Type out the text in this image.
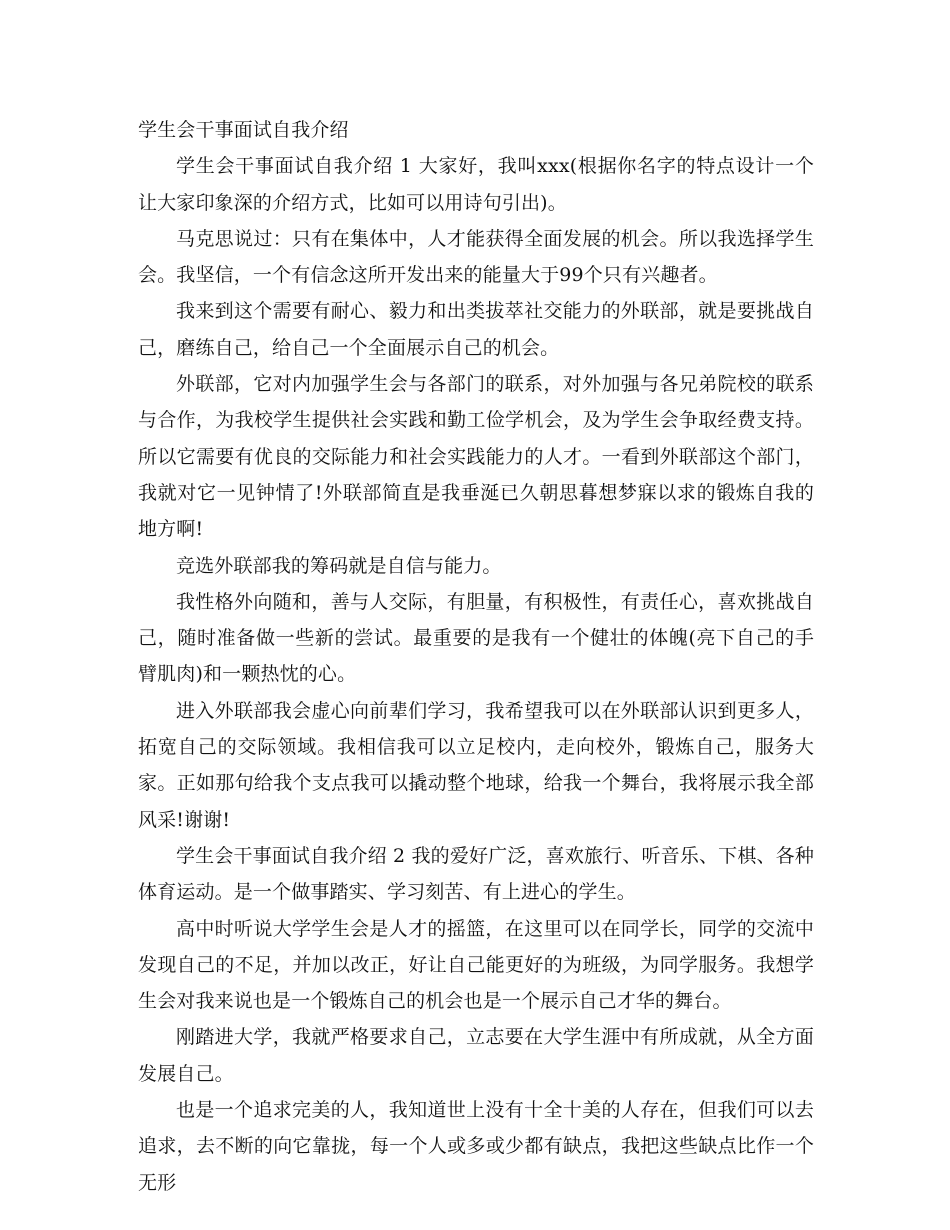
学生会干事面试自我介绍

学生会干事面试自我介绍 1 大家好，我叫xxx(根据你名字的特点设计一个让大家印象深的介绍方式，比如可以用诗句引出)。

马克思说过：只有在集体中，人才能获得全面发展的机会。所以我选择学生会。我坚信，一个有信念这所开发出来的能量大于99个只有兴趣者。

我来到这个需要有耐心、毅力和出类拔萃社交能力的外联部，就是要挑战自己，磨练自己，给自己一个全面展示自己的机会。

外联部，它对内加强学生会与各部门的联系，对外加强与各兄弟院校的联系与合作，为我校学生提供社会实践和勤工俭学机会，及为学生会争取经费支持。所以它需要有优良的交际能力和社会实践能力的人才。一看到外联部这个部门，我就对它一见钟情了!外联部简直是我垂涎已久朝思暮想梦寐以求的锻炼自我的地方啊!

竞选外联部我的筹码就是自信与能力。

我性格外向随和，善与人交际，有胆量，有积极性，有责任心，喜欢挑战自己，随时准备做一些新的尝试。最重要的是我有一个健壮的体魄(亮下自己的手臂肌肉)和一颗热忱的心。

进入外联部我会虚心向前辈们学习，我希望我可以在外联部认识到更多人，拓宽自己的交际领域。我相信我可以立足校内，走向校外，锻炼自己，服务大家。正如那句给我个支点我可以撬动整个地球，给我一个舞台，我将展示我全部风采!谢谢!

学生会干事面试自我介绍 2 我的爱好广泛，喜欢旅行、听音乐、下棋、各种体育运动。是一个做事踏实、学习刻苦、有上进心的学生。

高中时听说大学学生会是人才的摇篮，在这里可以在同学长，同学的交流中发现自己的不足，并加以改正，好让自己能更好的为班级，为同学服务。我想学生会对我来说也是一个锻炼自己的机会也是一个展示自己才华的舞台。

刚踏进大学，我就严格要求自己，立志要在大学生涯中有所成就，从全方面发展自己。

也是一个追求完美的人，我知道世上没有十全十美的人存在，但我们可以去追求，去不断的向它靠拢，每一个人或多或少都有缺点，我把这些缺点比作一个无形
